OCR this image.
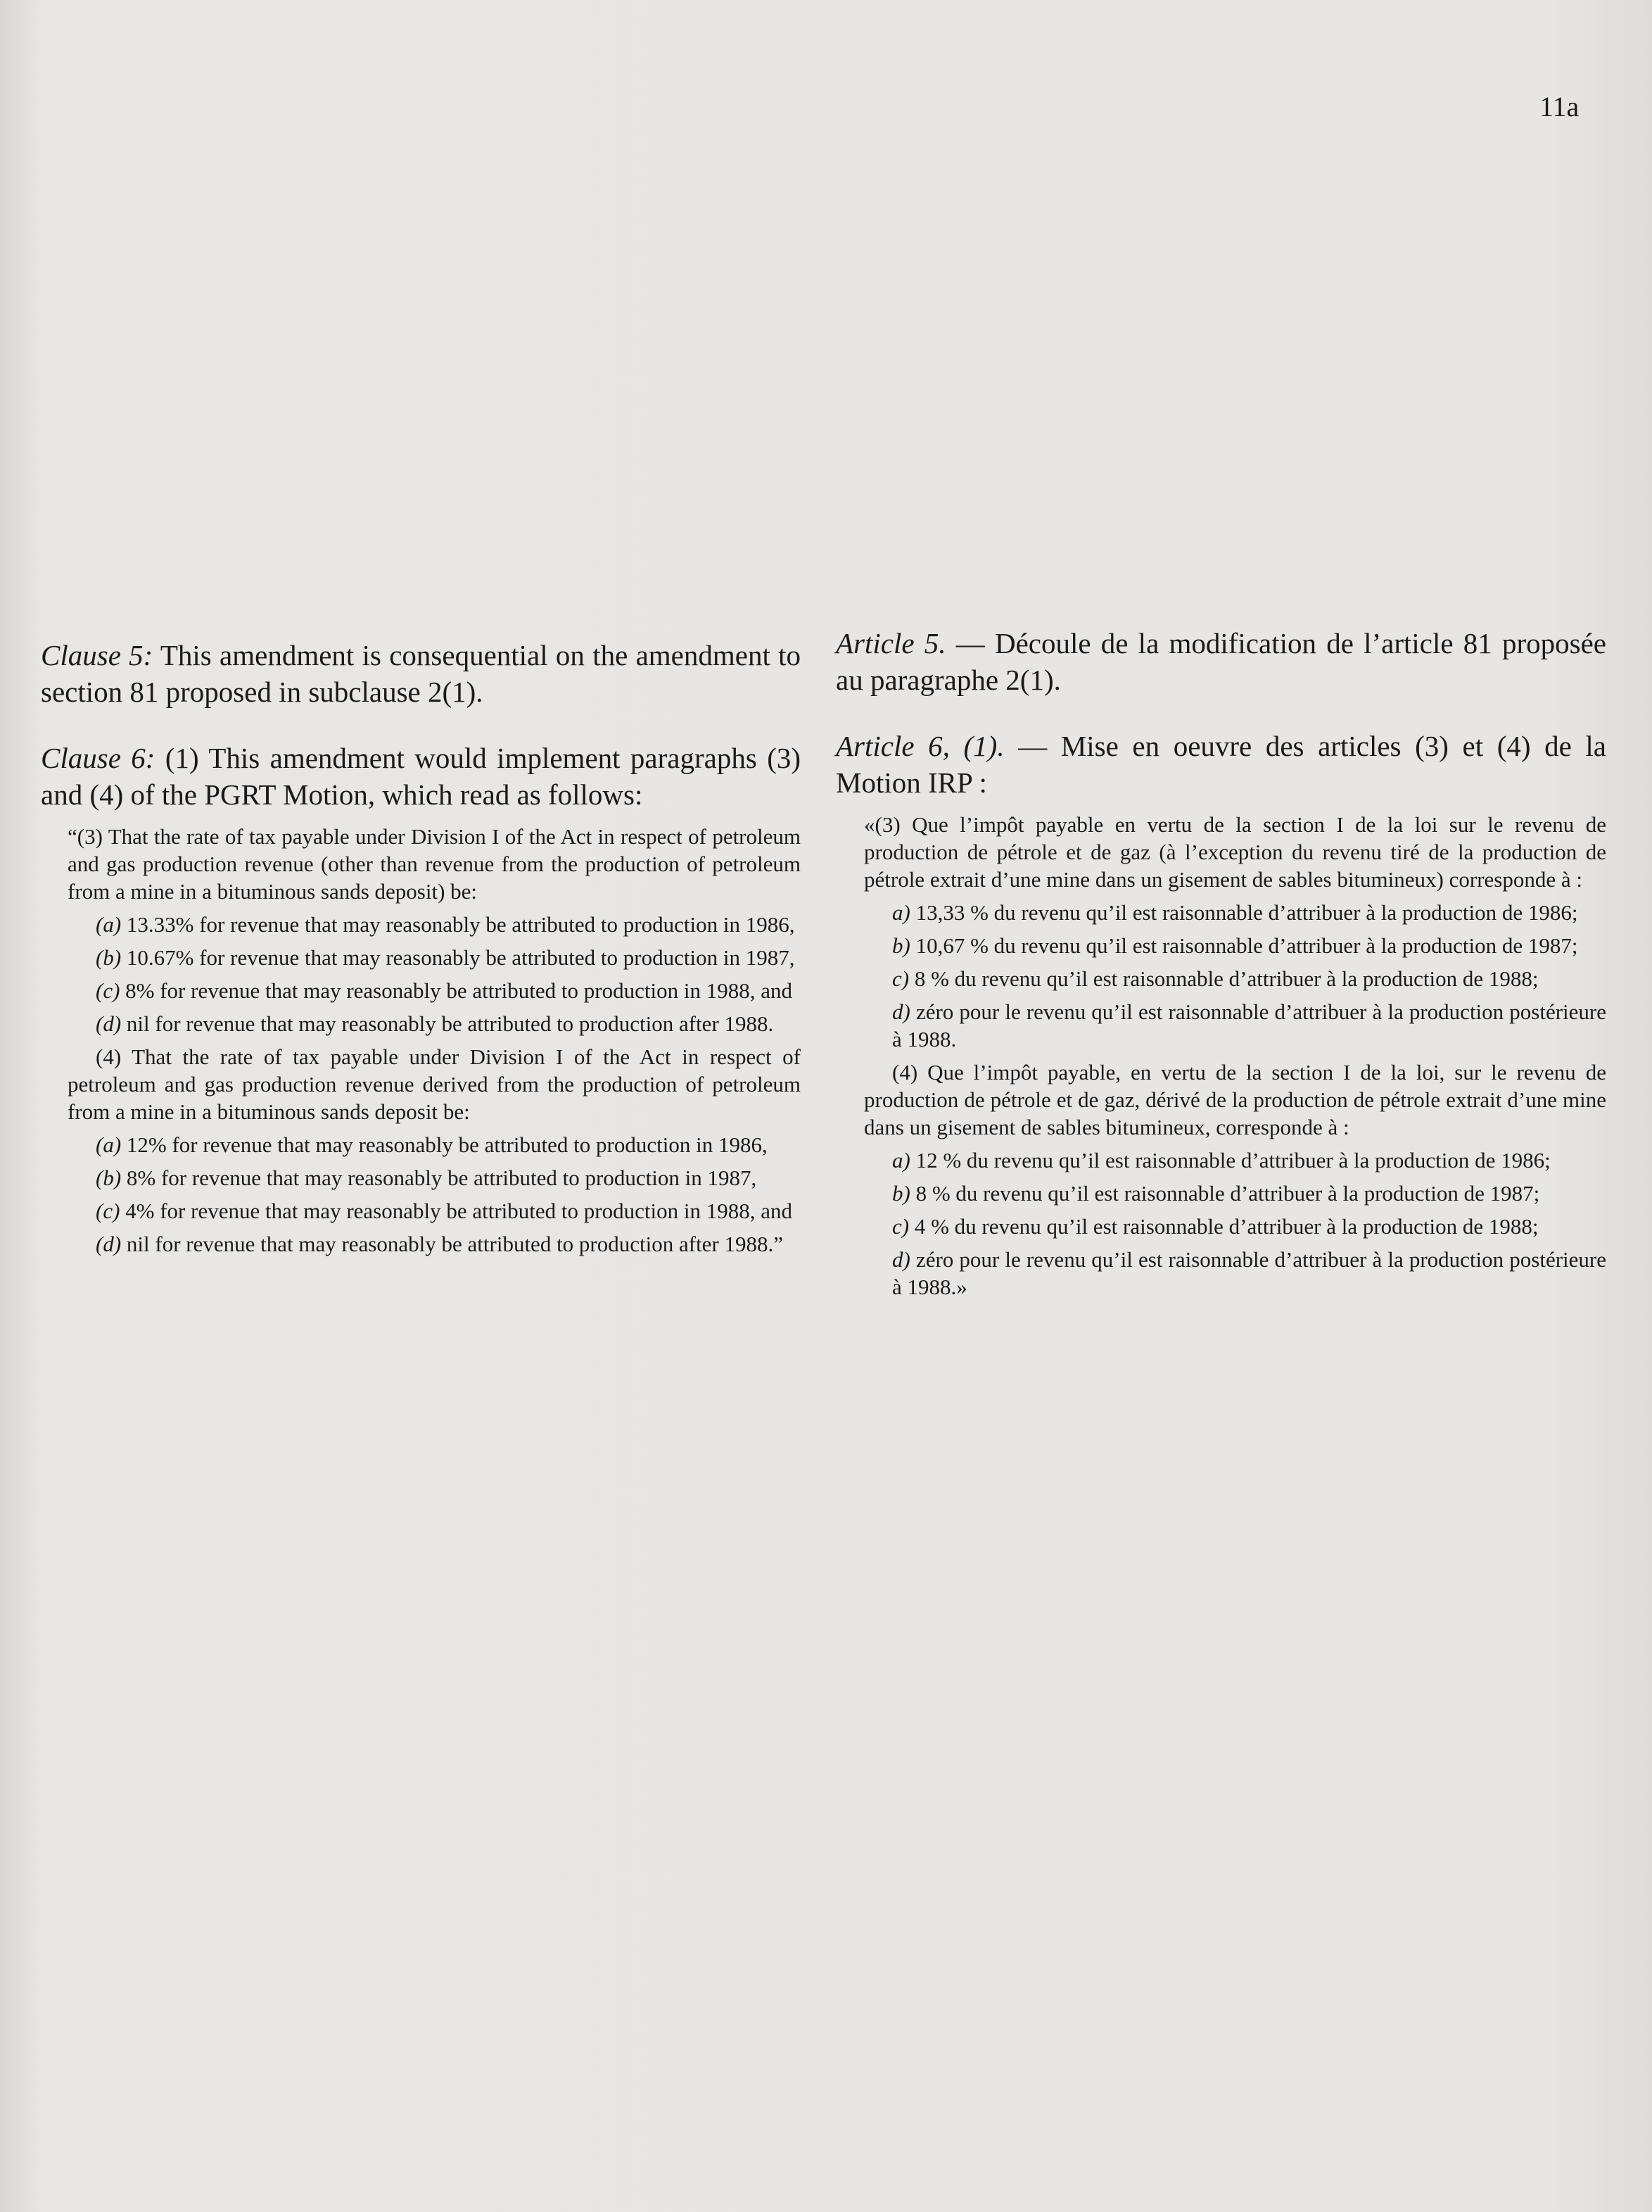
11a

Clause 5: This amendment is consequential on the amendment to section 81 proposed in subclause 2(1).

Clause 6: (1) This amendment would implement paragraphs (3) and (4) of the PGRT Motion, which read as follows:

“(3) That the rate of tax payable under Division I of the Act in respect of petroleum and gas production revenue (other than revenue from the production of petroleum from a mine in a bituminous sands deposit) be:

(a) 13.33% for revenue that may reasonably be attributed to production in 1986,

(b) 10.67% for revenue that may reasonably be attributed to production in 1987,

(c) 8% for revenue that may reasonably be attributed to production in 1988, and

(d) nil for revenue that may reasonably be attributed to production after 1988.

(4) That the rate of tax payable under Division I of the Act in respect of petroleum and gas production revenue derived from the production of petroleum from a mine in a bituminous sands deposit be:

(a) 12% for revenue that may reasonably be attributed to production in 1986,

(b) 8% for revenue that may reasonably be attributed to production in 1987,

(c) 4% for revenue that may reasonably be attributed to production in 1988, and

(d) nil for revenue that may reasonably be attributed to production after 1988.”

Article 5. — Découle de la modification de l’article 81 proposée au paragraphe 2(1).

Article 6, (1). — Mise en oeuvre des articles (3) et (4) de la Motion IRP :

«(3) Que l’impôt payable en vertu de la section I de la loi sur le revenu de production de pétrole et de gaz (à l’exception du revenu tiré de la production de pétrole extrait d’une mine dans un gisement de sables bitumineux) corresponde à :

a) 13,33 % du revenu qu’il est raisonnable d’attribuer à la production de 1986;

b) 10,67 % du revenu qu’il est raisonnable d’attribuer à la production de 1987;

c) 8 % du revenu qu’il est raisonnable d’attribuer à la production de 1988;

d) zéro pour le revenu qu’il est raisonnable d’attribuer à la production postérieure à 1988.

(4) Que l’impôt payable, en vertu de la section I de la loi, sur le revenu de production de pétrole et de gaz, dérivé de la production de pétrole extrait d’une mine dans un gisement de sables bitumineux, corresponde à :

a) 12 % du revenu qu’il est raisonnable d’attribuer à la production de 1986;

b) 8 % du revenu qu’il est raisonnable d’attribuer à la production de 1987;

c) 4 % du revenu qu’il est raisonnable d’attribuer à la production de 1988;

d) zéro pour le revenu qu’il est raisonnable d’attribuer à la production postérieure à 1988.»
